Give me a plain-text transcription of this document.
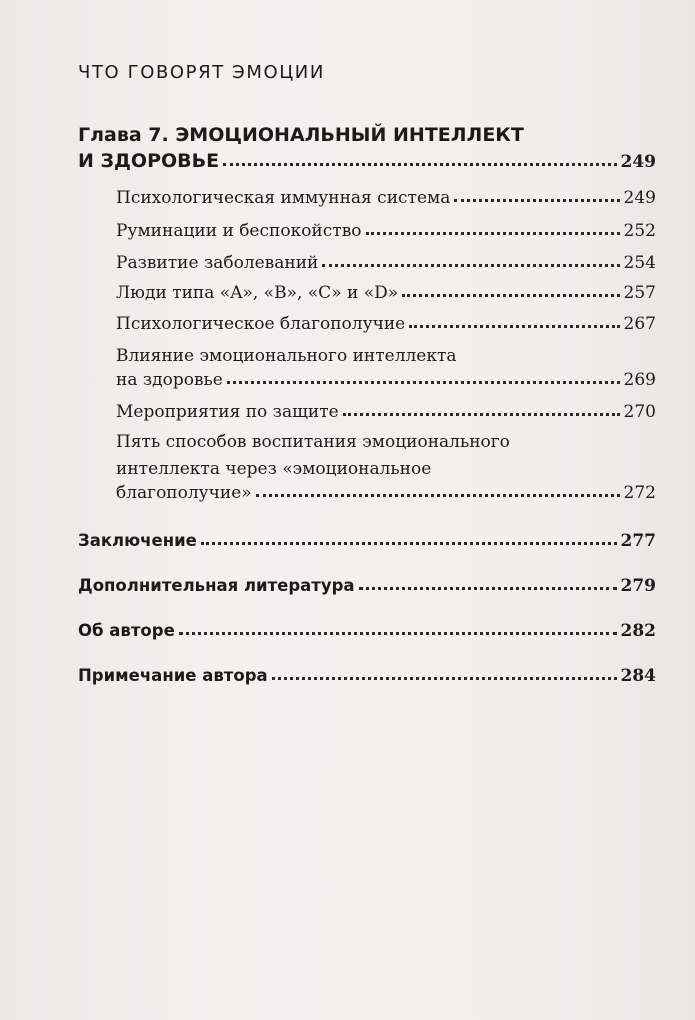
ЧТО ГОВОРЯТ ЭМОЦИИ
Глава 7. ЭМОЦИОНАЛЬНЫЙ ИНТЕЛЛЕКТ
И ЗДОРОВЬЕ	249
Психологическая иммунная система	249
Руминации и беспокойство	252
Развитие заболеваний	254
Люди типа «A», «B», «C» и «D»	257
Психологическое благополучие	267
Влияние эмоционального интеллекта
на здоровье	269
Мероприятия по защите	270
Пять способов воспитания эмоционального
интеллекта через «эмоциональное
благополучие»	272
Заключение	277
Дополнительная литература	279
Об авторе	282
Примечание автора	284
